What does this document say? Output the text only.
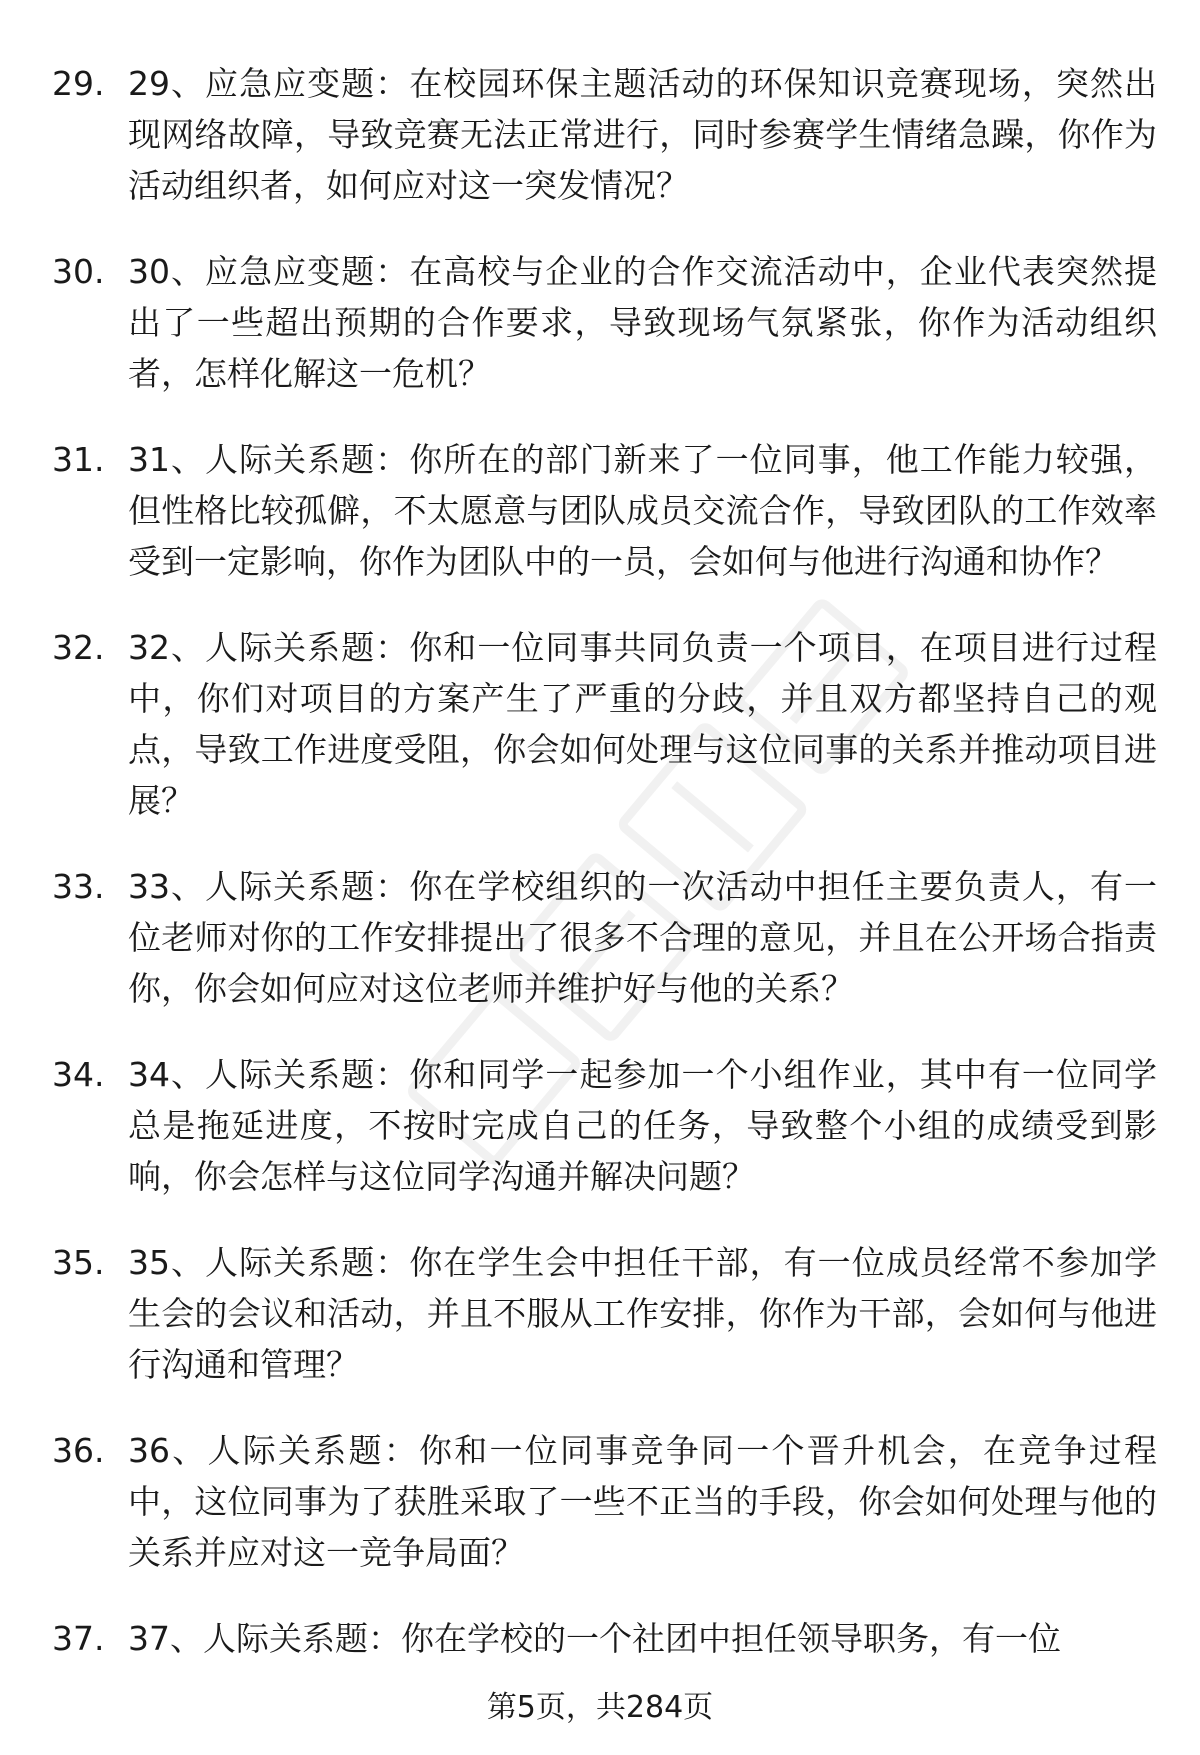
29. 29、应急应变题：在校园环保主题活动的环保知识竞赛现场，突然出现网络故障，导致竞赛无法正常进行，同时参赛学生情绪急躁，你作为活动组织者，如何应对这一突发情况？
30. 30、应急应变题：在高校与企业的合作交流活动中，企业代表突然提出了一些超出预期的合作要求，导致现场气氛紧张，你作为活动组织者，怎样化解这一危机？
31. 31、人际关系题：你所在的部门新来了一位同事，他工作能力较强，但性格比较孤僻，不太愿意与团队成员交流合作，导致团队的工作效率受到一定影响，你作为团队中的一员，会如何与他进行沟通和协作？
32. 32、人际关系题：你和一位同事共同负责一个项目，在项目进行过程中，你们对项目的方案产生了严重的分歧，并且双方都坚持自己的观点，导致工作进度受阻，你会如何处理与这位同事的关系并推动项目进展？
33. 33、人际关系题：你在学校组织的一次活动中担任主要负责人，有一位老师对你的工作安排提出了很多不合理的意见，并且在公开场合指责你，你会如何应对这位老师并维护好与他的关系？
34. 34、人际关系题：你和同学一起参加一个小组作业，其中有一位同学总是拖延进度，不按时完成自己的任务，导致整个小组的成绩受到影响，你会怎样与这位同学沟通并解决问题？
35. 35、人际关系题：你在学生会中担任干部，有一位成员经常不参加学生会的会议和活动，并且不服从工作安排，你作为干部，会如何与他进行沟通和管理？
36. 36、人际关系题：你和一位同事竞争同一个晋升机会，在竞争过程中，这位同事为了获胜采取了一些不正当的手段，你会如何处理与他的关系并应对这一竞争局面？
37. 37、人际关系题：你在学校的一个社团中担任领导职务，有一位
第5页，共284页
